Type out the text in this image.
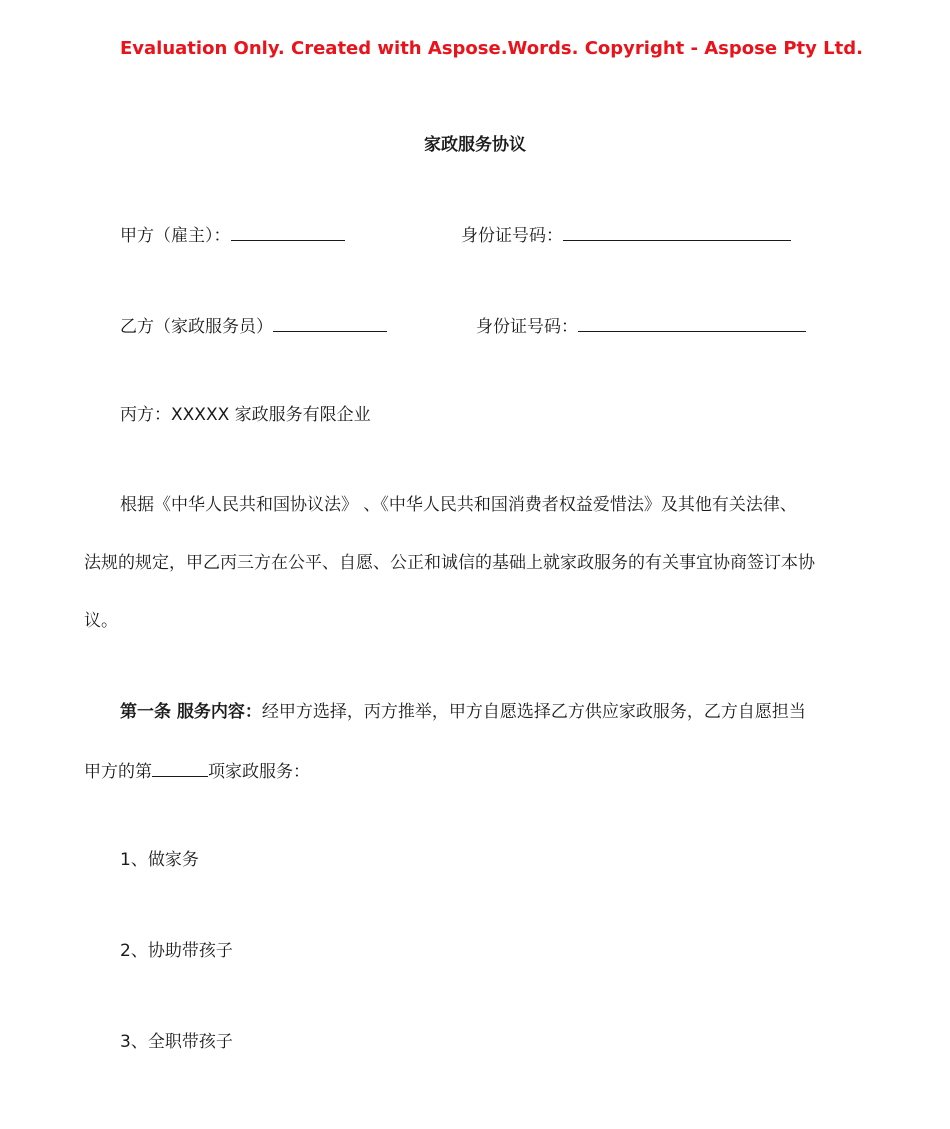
Evaluation Only. Created with Aspose.Words. Copyright - Aspose Pty Ltd.
家政服务协议
甲方（雇主）：	身份证号码：
乙方（家政服务员）	身份证号码：
丙方：XXXXX 家政服务有限企业
根据《中华人民共和国协议法》 、《中华人民共和国消费者权益爱惜法》及其他有关法律、
法规的规定，甲乙丙三方在公平、自愿、公正和诚信的基础上就家政服务的有关事宜协商签订本协
议。
第一条 服务内容：经甲方选择，丙方推举，甲方自愿选择乙方供应家政服务，乙方自愿担当
甲方的第	项家政服务：
1、做家务
2、协助带孩子
3、全职带孩子
